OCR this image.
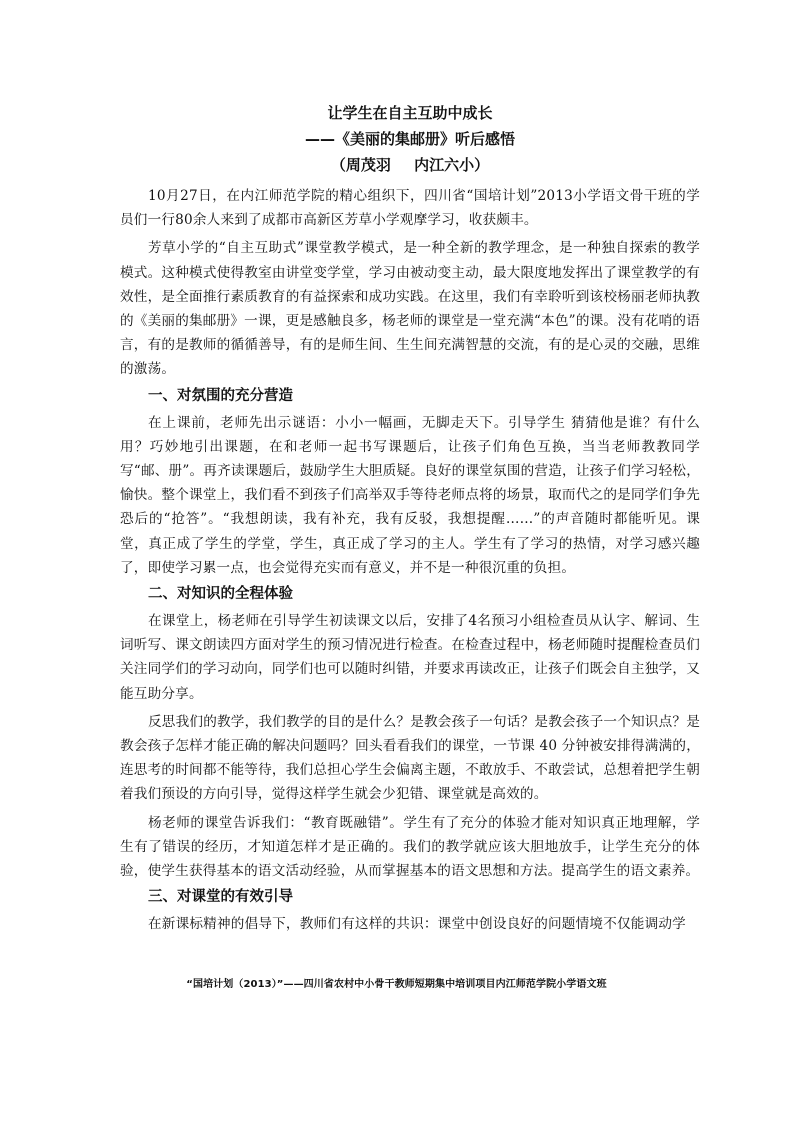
让学生在自主互助中成长

——《美丽的集邮册》听后感悟

（周茂羽 内江六小）

10月27日，在内江师范学院的精心组织下，四川省“国培计划”2013小学语文骨干班的学员们一行80余人来到了成都市高新区芳草小学观摩学习，收获颇丰。

芳草小学的“自主互助式”课堂教学模式，是一种全新的教学理念，是一种独自探索的教学模式。这种模式使得教室由讲堂变学堂，学习由被动变主动，最大限度地发挥出了课堂教学的有效性，是全面推行素质教育的有益探索和成功实践。在这里，我们有幸聆听到该校杨丽老师执教的《美丽的集邮册》一课，更是感触良多，杨老师的课堂是一堂充满“本色”的课。没有花哨的语言，有的是教师的循循善导，有的是师生间、生生间充满智慧的交流，有的是心灵的交融，思维的激荡。

一、对氛围的充分营造

在上课前，老师先出示谜语：小小一幅画，无脚走天下。引导学生 猜猜他是谁？有什么用？巧妙地引出课题，在和老师一起书写课题后，让孩子们角色互换，当当老师教教同学写“邮、册”。再齐读课题后，鼓励学生大胆质疑。良好的课堂氛围的营造，让孩子们学习轻松，愉快。整个课堂上，我们看不到孩子们高举双手等待老师点将的场景，取而代之的是同学们争先恐后的“抢答”。“我想朗读，我有补充，我有反驳，我想提醒……”的声音随时都能听见。课堂，真正成了学生的学堂，学生，真正成了学习的主人。学生有了学习的热情，对学习感兴趣了，即使学习累一点，也会觉得充实而有意义，并不是一种很沉重的负担。

二、对知识的全程体验

在课堂上，杨老师在引导学生初读课文以后，安排了4名预习小组检查员从认字、解词、生词听写、课文朗读四方面对学生的预习情况进行检查。在检查过程中，杨老师随时提醒检查员们关注同学们的学习动向，同学们也可以随时纠错，并要求再读改正，让孩子们既会自主独学，又能互助分享。

反思我们的教学，我们教学的目的是什么？是教会孩子一句话？是教会孩子一个知识点？是教会孩子怎样才能正确的解决问题吗？回头看看我们的课堂，一节课 40 分钟被安排得满满的，连思考的时间都不能等待，我们总担心学生会偏离主题，不敢放手、不敢尝试，总想着把学生朝着我们预设的方向引导，觉得这样学生就会少犯错、课堂就是高效的。

杨老师的课堂告诉我们：“教育既融错”。学生有了充分的体验才能对知识真正地理解，学生有了错误的经历，才知道怎样才是正确的。我们的教学就应该大胆地放手，让学生充分的体验，使学生获得基本的语文活动经验，从而掌握基本的语文思想和方法。提高学生的语文素养。

三、对课堂的有效引导

在新课标精神的倡导下，教师们有这样的共识：课堂中创设良好的问题情境不仅能调动学

“国培计划（2013）”——四川省农村中小骨干教师短期集中培训项目内江师范学院小学语文班
